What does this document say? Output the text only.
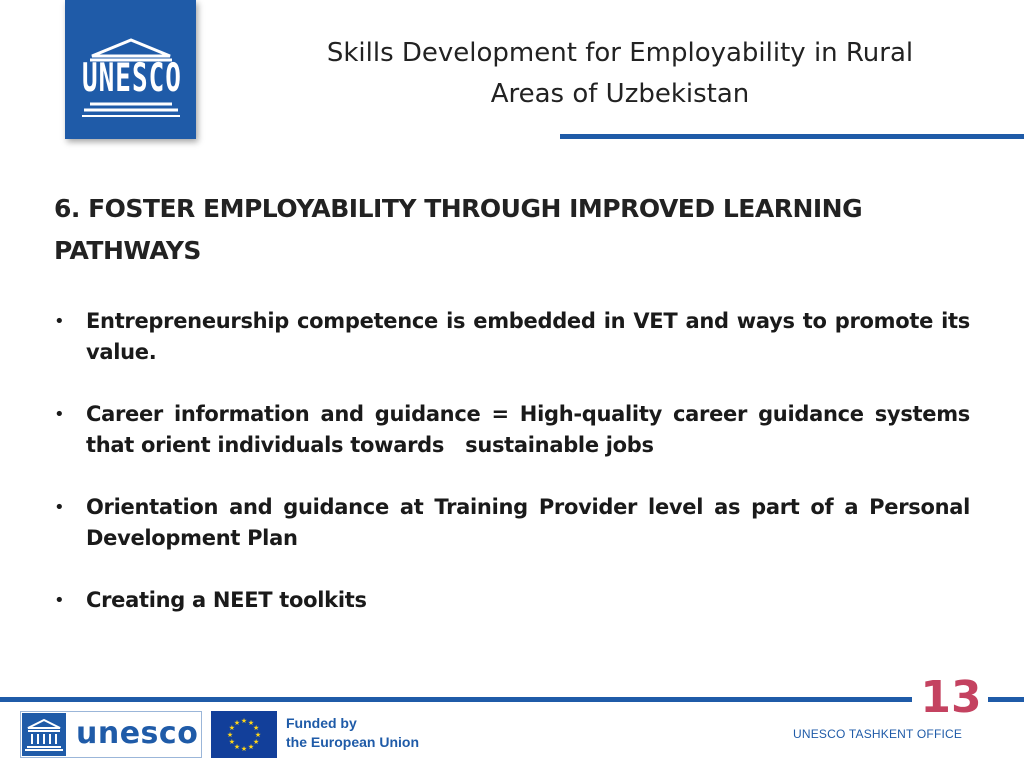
UNESCO
Skills Development for Employability in Rural
Areas of Uzbekistan
6. FOSTER EMPLOYABILITY THROUGH IMPROVED LEARNING
PATHWAYS
• Entrepreneurship competence is embedded in VET and ways to promote its value.
• Career information and guidance = High-quality career guidance systems that orient individuals towards   sustainable jobs
• Orientation and guidance at Training Provider level as part of a Personal Development Plan
• Creating a NEET toolkits
13
UNESCO TASHKENT OFFICE
unesco	★ ★
★
★
★
★
★
★
★
★
★
★	Funded by
the European Union
